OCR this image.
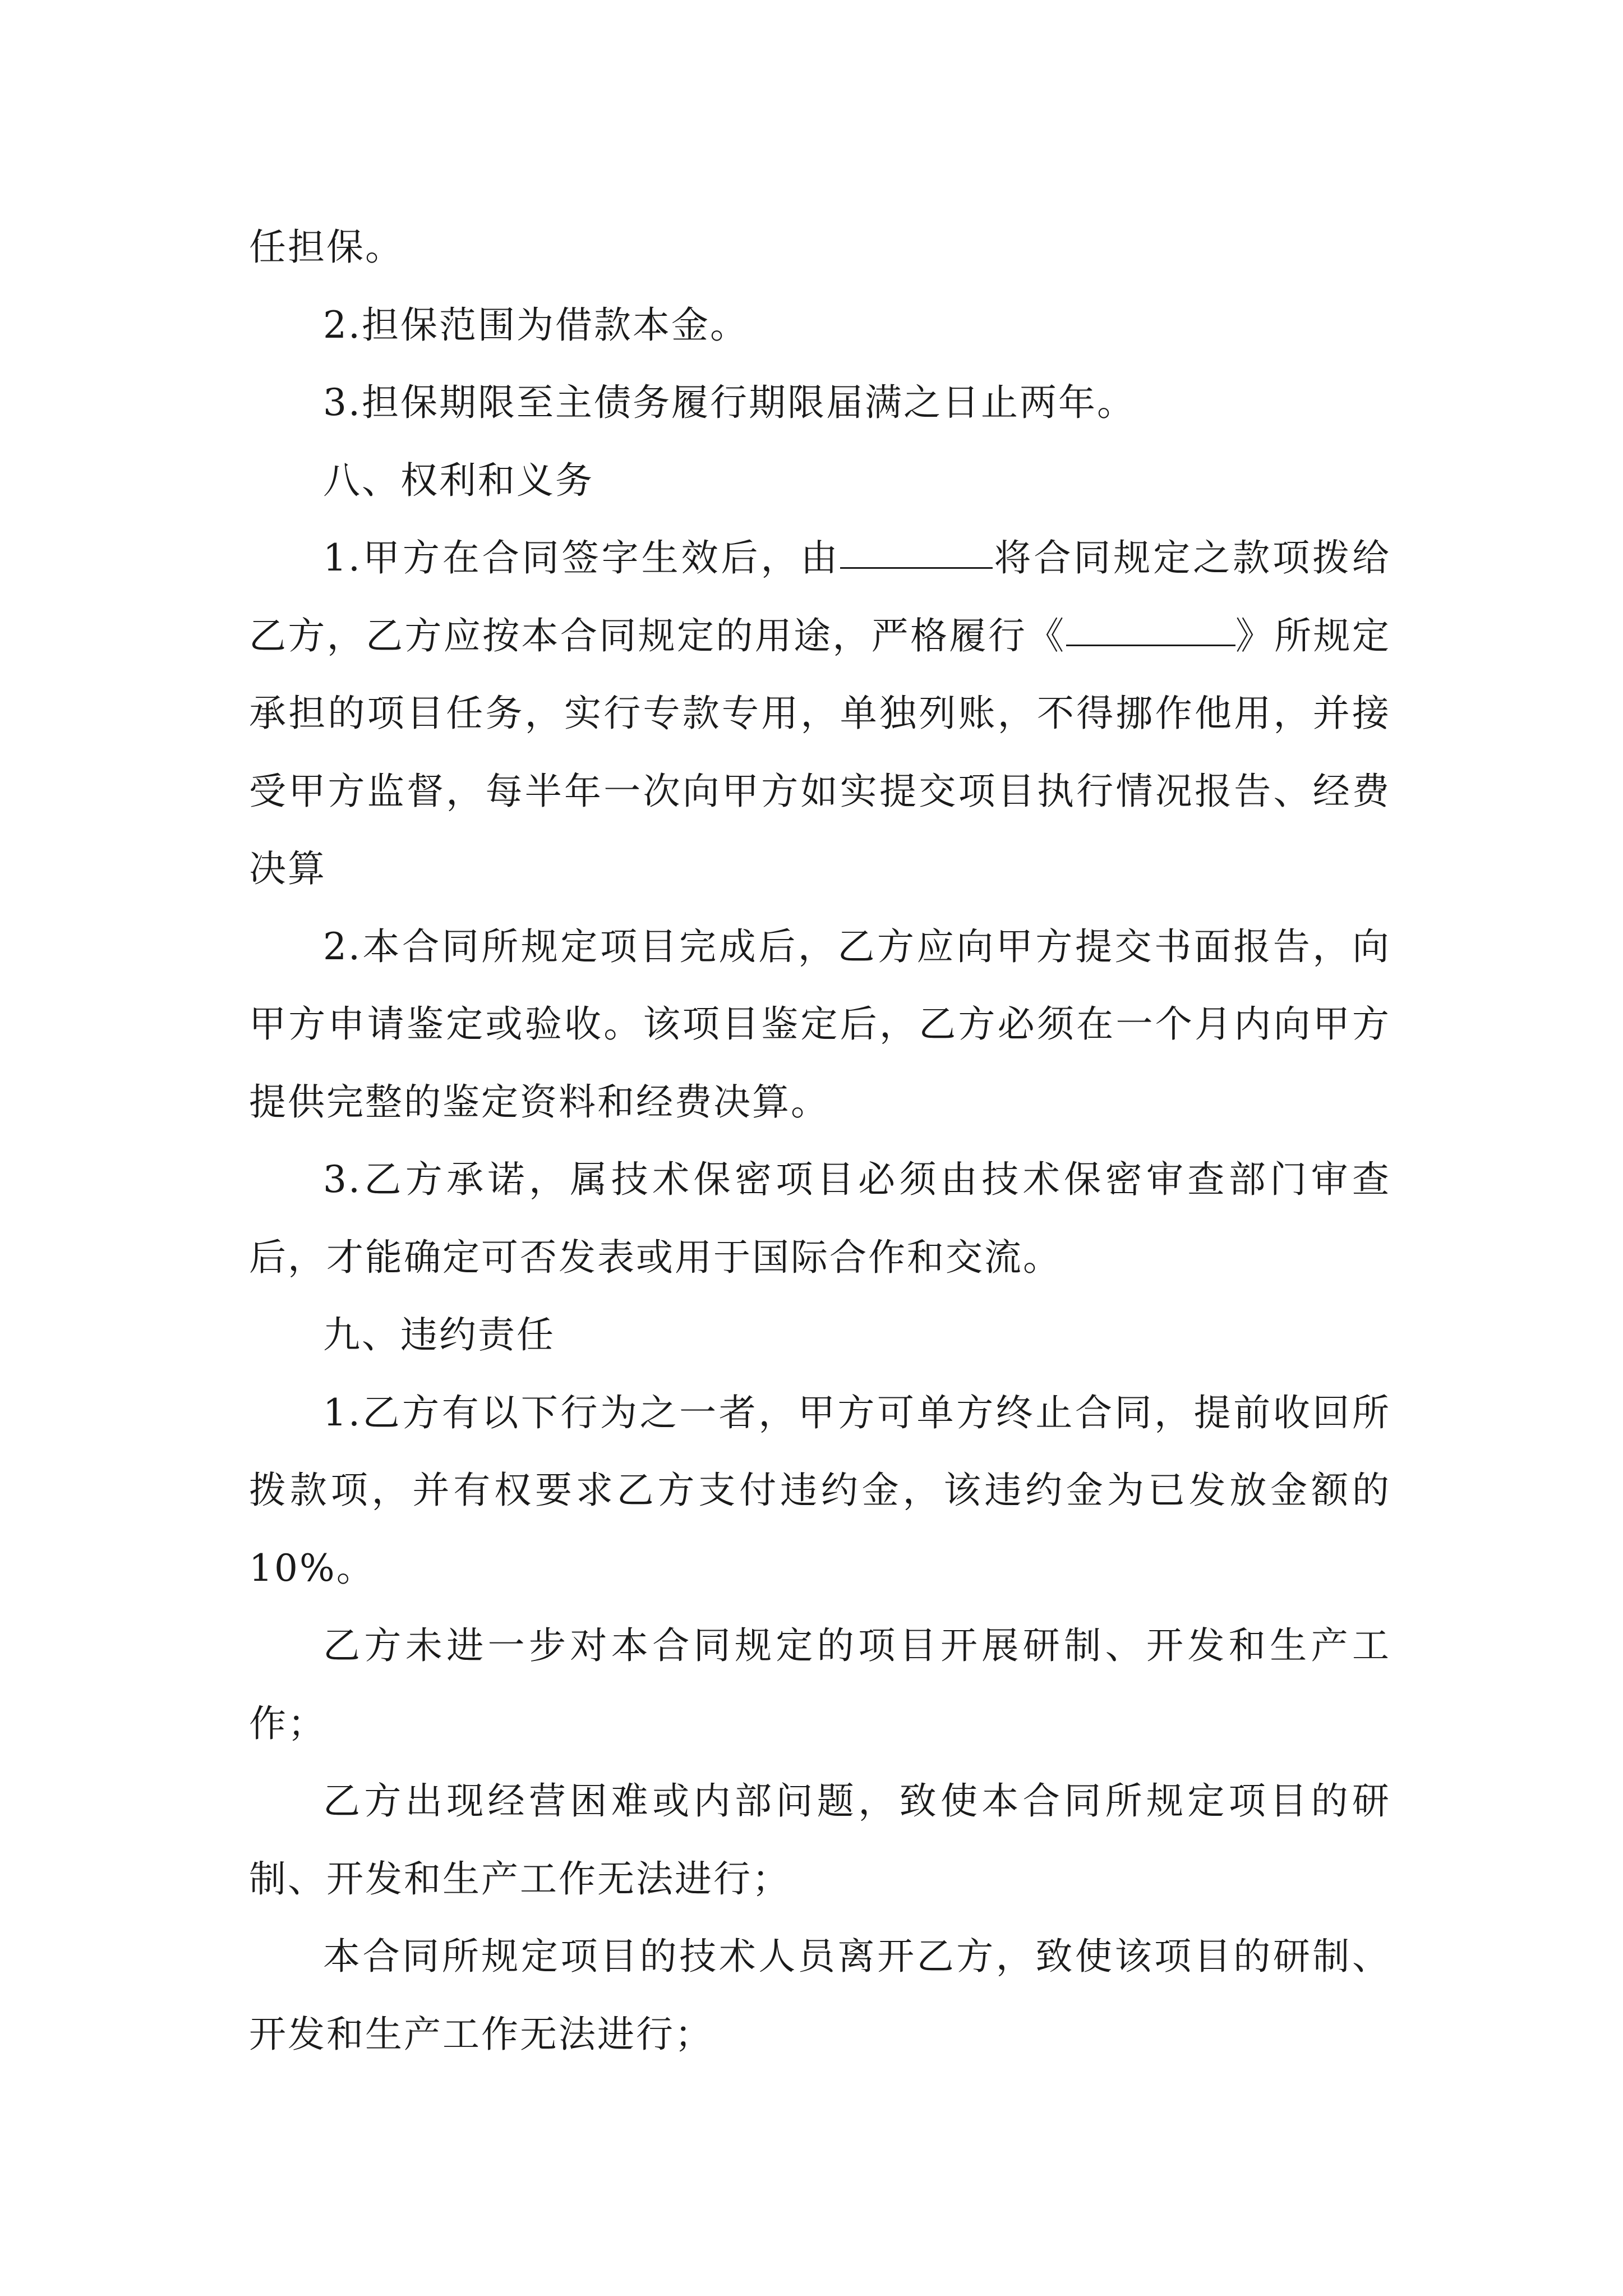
任担保。

2.担保范围为借款本金。

3.担保期限至主债务履行期限届满之日止两年。

八、权利和义务

1.甲方在合同签字生效后，由	将合同规定之款项拨给乙方，乙方应按本合同规定的用途，严格履行《	》所规定承担的项目任务，实行专款专用，单独列账，不得挪作他用，并接受甲方监督，每半年一次向甲方如实提交项目执行情况报告、经费决算

2.本合同所规定项目完成后，乙方应向甲方提交书面报告，向甲方申请鉴定或验收。该项目鉴定后，乙方必须在一个月内向甲方提供完整的鉴定资料和经费决算。

3.乙方承诺，属技术保密项目必须由技术保密审查部门审查后，才能确定可否发表或用于国际合作和交流。

九、违约责任

1.乙方有以下行为之一者，甲方可单方终止合同，提前收回所拨款项，并有权要求乙方支付违约金，该违约金为已发放金额的10%。

乙方未进一步对本合同规定的项目开展研制、开发和生产工作；

乙方出现经营困难或内部问题，致使本合同所规定项目的研制、开发和生产工作无法进行；

本合同所规定项目的技术人员离开乙方，致使该项目的研制、开发和生产工作无法进行；
